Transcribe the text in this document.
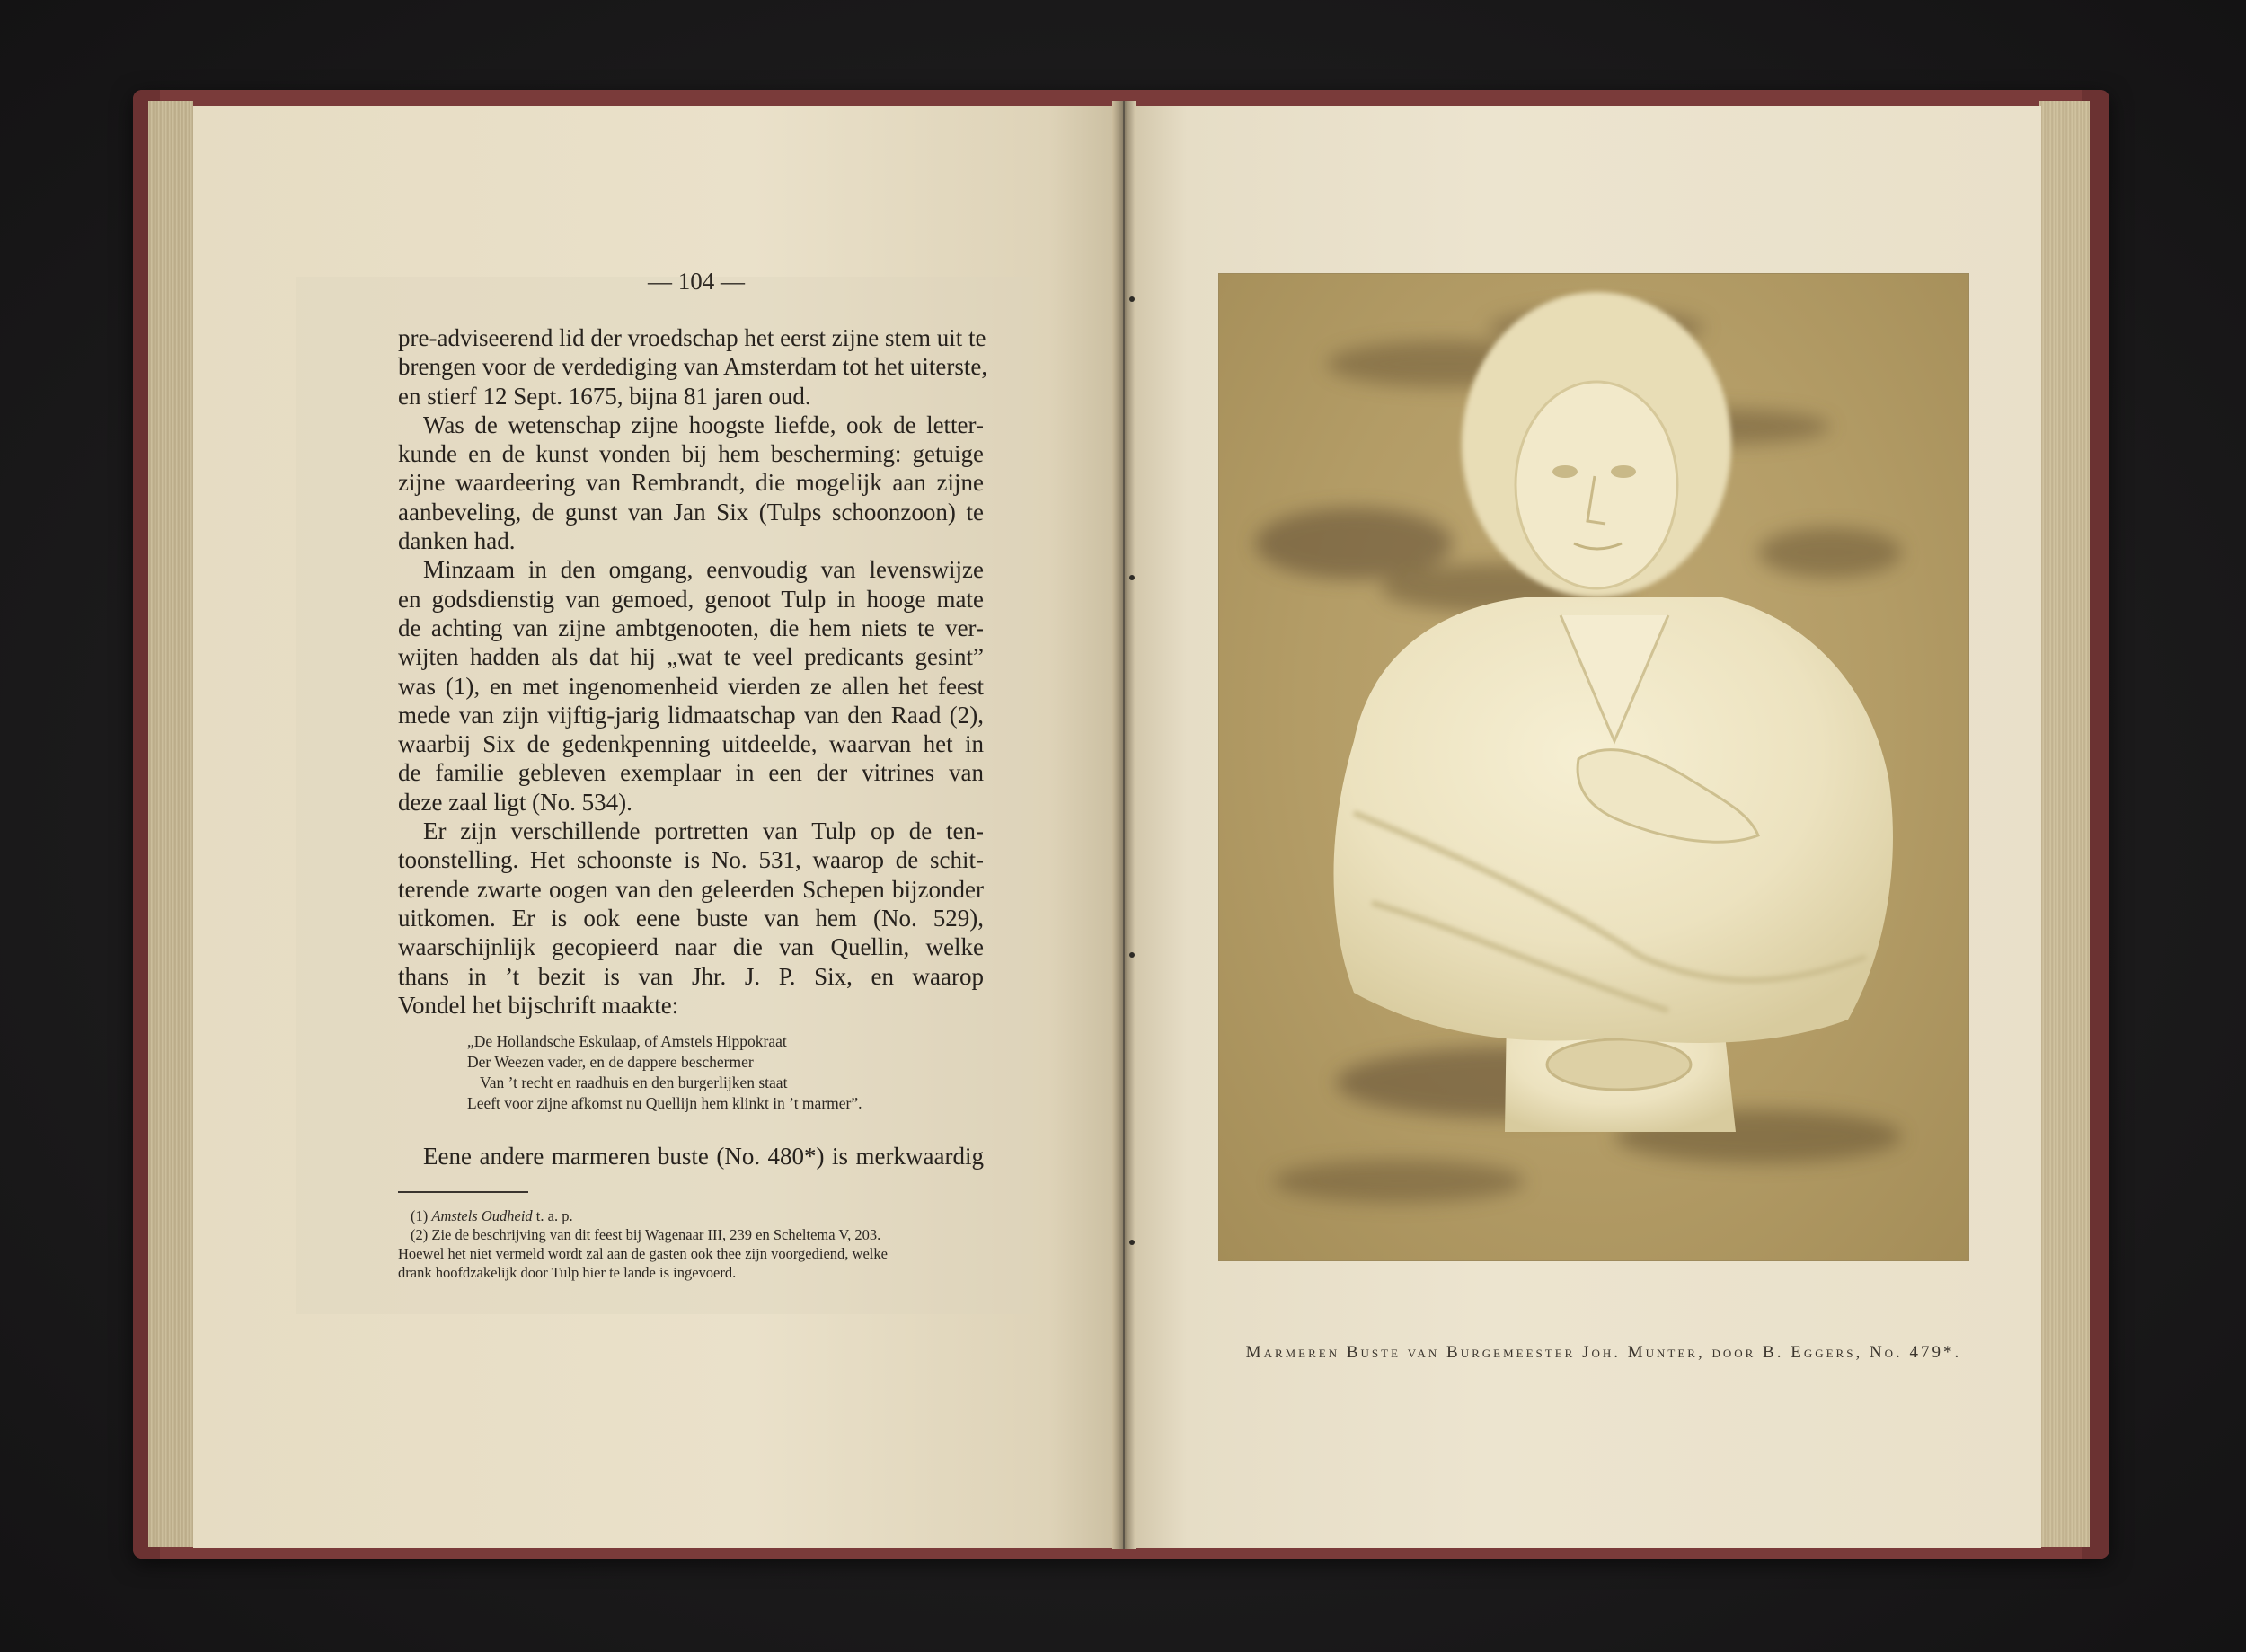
— 104 —

pre-adviseerend lid der vroedschap het eerst zijne stem uit te
brengen voor de verdediging van Amsterdam tot het uiterste,
en stierf 12 Sept. 1675, bijna 81 jaren oud.

Was de wetenschap zijne hoogste liefde, ook de letter-
kunde en de kunst vonden bij hem bescherming: getuige
zijne waardeering van Rembrandt, die mogelijk aan zijne
aanbeveling, de gunst van Jan Six (Tulps schoonzoon) te
danken had.

Minzaam in den omgang, eenvoudig van levenswijze
en godsdienstig van gemoed, genoot Tulp in hooge mate
de achting van zijne ambtgenooten, die hem niets te ver-
wijten hadden als dat hij „wat te veel predicants gesint”
was (1), en met ingenomenheid vierden ze allen het feest
mede van zijn vijftig-jarig lidmaatschap van den Raad (2),
waarbij Six de gedenkpenning uitdeelde, waarvan het in
de familie gebleven exemplaar in een der vitrines van
deze zaal ligt (No. 534).

Er zijn verschillende portretten van Tulp op de ten-
toonstelling. Het schoonste is No. 531, waarop de schit-
terende zwarte oogen van den geleerden Schepen bijzonder
uitkomen. Er is ook eene buste van hem (No. 529),
waarschijnlijk gecopieerd naar die van Quellin, welke
thans in ’t bezit is van Jhr. J. P. Six, en waarop
Vondel het bijschrift maakte:

„De Hollandsche Eskulaap, of Amstels Hippokraat
Der Weezen vader, en de dappere beschermer
Van ’t recht en raadhuis en den burgerlijken staat
Leeft voor zijne afkomst nu Quellijn hem klinkt in ’t marmer”.
Eene andere marmeren buste (No. 480*) is merkwaardig
(1) Amstels Oudheid t. a. p.
(2) Zie de beschrijving van dit feest bij Wagenaar III, 239 en Scheltema V, 203.
Hoewel het niet vermeld wordt zal aan de gasten ook thee zijn voorgediend, welke
drank hoofdzakelijk door Tulp hier te lande is ingevoerd.
Marmeren Buste van Burgemeester Joh. Munter, door B. Eggers, No. 479*.
